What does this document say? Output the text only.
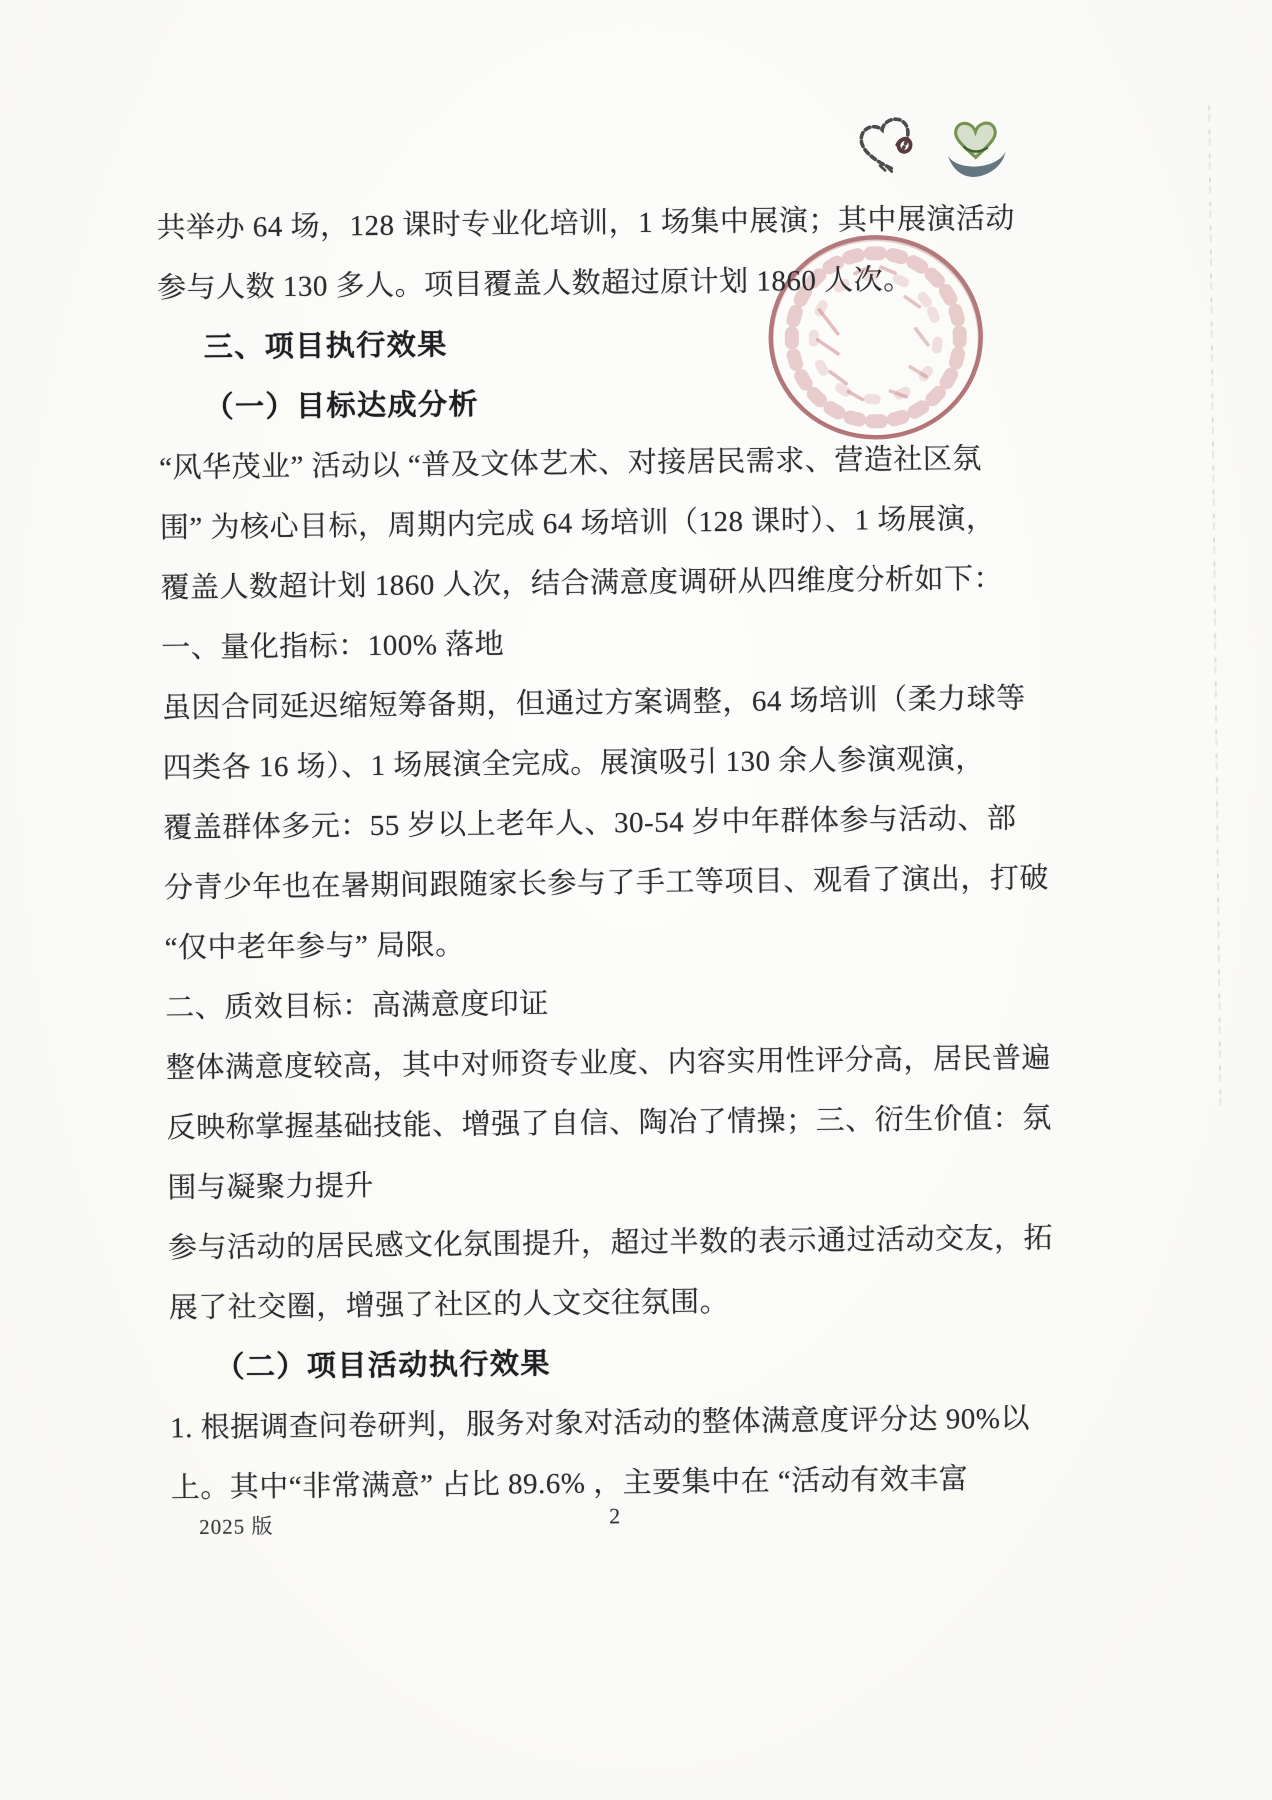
共举办 64 场，128 课时专业化培训，1 场集中展演；其中展演活动
参与人数 130 多人。项目覆盖人数超过原计划 1860 人次。
三、项目执行效果
（一）目标达成分析
“风华茂业” 活动以 “普及文体艺术、对接居民需求、营造社区氛
围” 为核心目标，周期内完成 64 场培训（128 课时）、1 场展演，
覆盖人数超计划 1860 人次，结合满意度调研从四维度分析如下：
一、量化指标：100% 落地
虽因合同延迟缩短筹备期，但通过方案调整，64 场培训（柔力球等
四类各 16 场）、1 场展演全完成。展演吸引 130 余人参演观演，
覆盖群体多元：55 岁以上老年人、30-54 岁中年群体参与活动、部
分青少年也在暑期间跟随家长参与了手工等项目、观看了演出，打破
“仅中老年参与” 局限。
二、质效目标：高满意度印证
整体满意度较高，其中对师资专业度、内容实用性评分高，居民普遍
反映称掌握基础技能、增强了自信、陶冶了情操；三、衍生价值：氛
围与凝聚力提升
参与活动的居民感文化氛围提升，超过半数的表示通过活动交友，拓
展了社交圈，增强了社区的人文交往氛围。
（二）项目活动执行效果
1. 根据调查问卷研判，服务对象对活动的整体满意度评分达 90%以
上。其中“非常满意” 占比 89.6% ，主要集中在 “活动有效丰富
2025 版	2
